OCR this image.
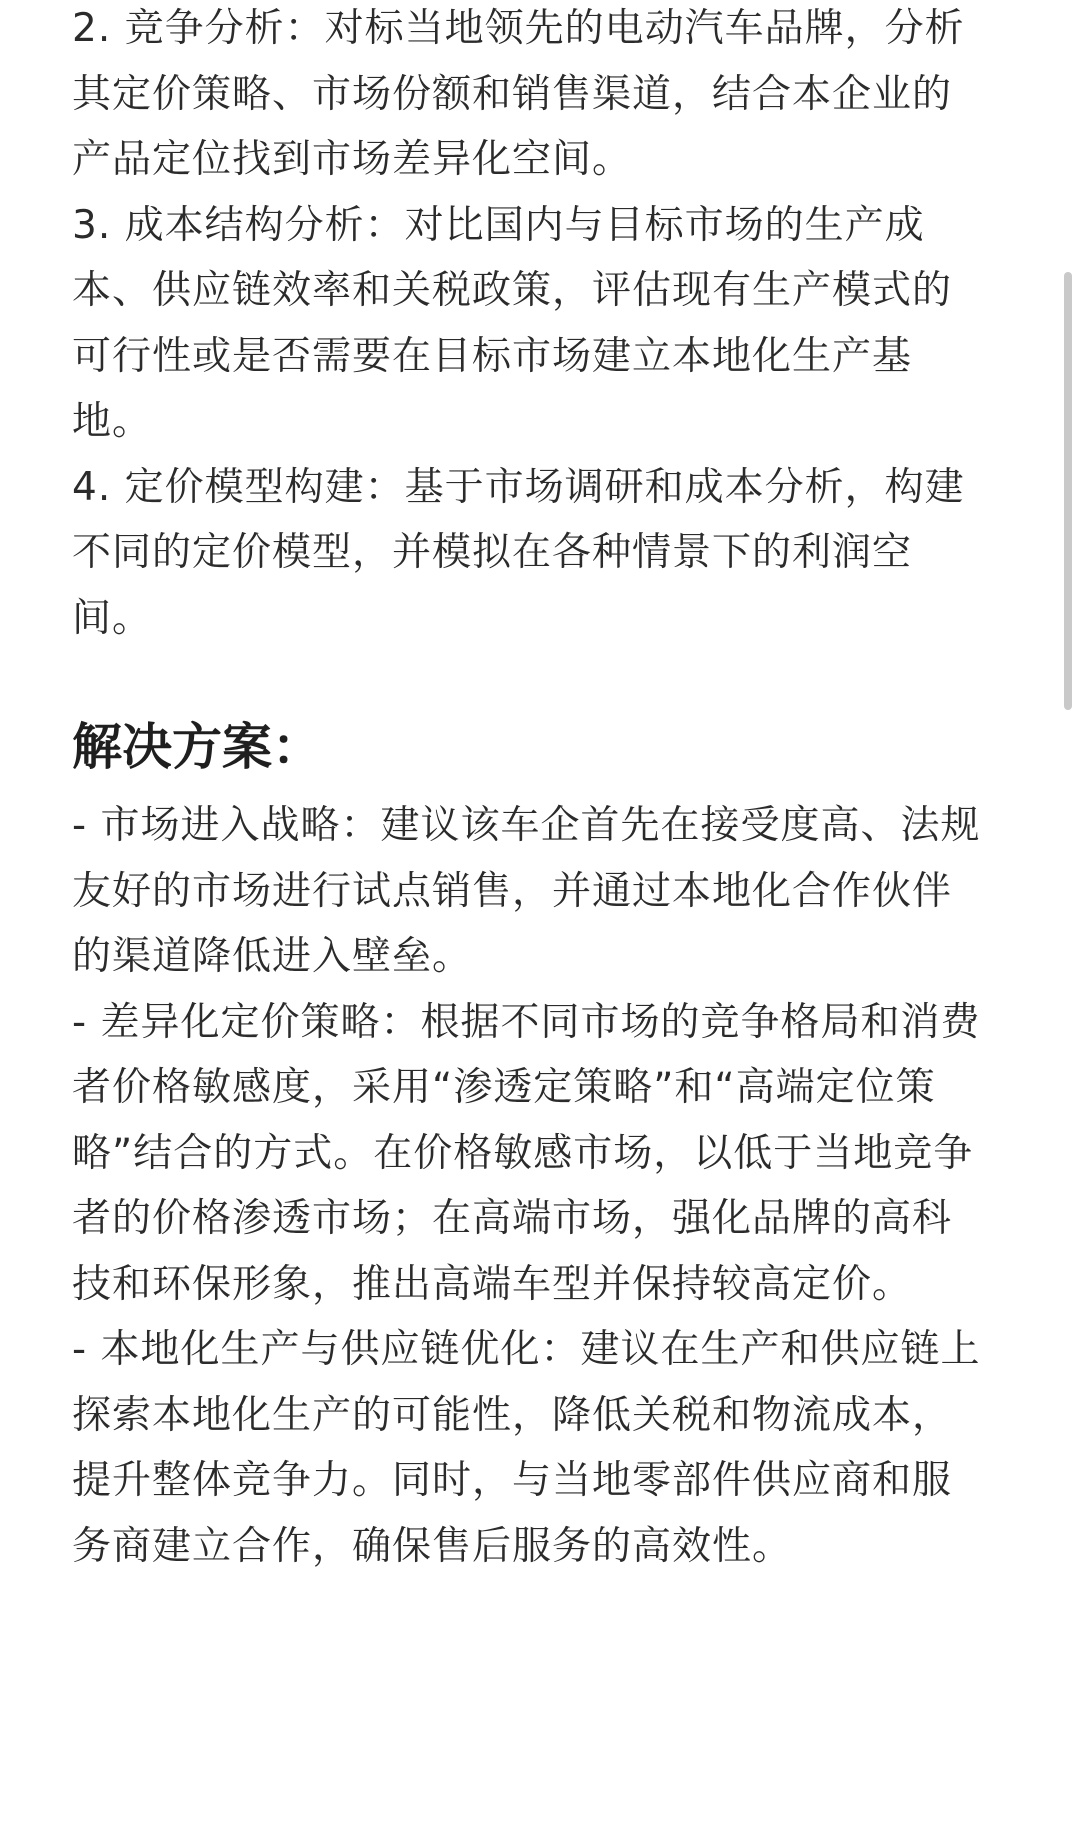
2. 竞争分析：对标当地领先的电动汽车品牌，分析其定价策略、市场份额和销售渠道，结合本企业的产品定位找到市场差异化空间。

3. 成本结构分析：对比国内与目标市场的生产成本、供应链效率和关税政策，评估现有生产模式的可行性或是否需要在目标市场建立本地化生产基地。

4. 定价模型构建：基于市场调研和成本分析，构建不同的定价模型，并模拟在各种情景下的利润空间。

解决方案：

- 市场进入战略：建议该车企首先在接受度高、法规友好的市场进行试点销售，并通过本地化合作伙伴的渠道降低进入壁垒。

- 差异化定价策略：根据不同市场的竞争格局和消费者价格敏感度，采用“渗透定策略”和“高端定位策略”结合的方式。在价格敏感市场，以低于当地竞争者的价格渗透市场；在高端市场，强化品牌的高科技和环保形象，推出高端车型并保持较高定价。

- 本地化生产与供应链优化：建议在生产和供应链上探索本地化生产的可能性，降低关税和物流成本，提升整体竞争力。同时，与当地零部件供应商和服务商建立合作，确保售后服务的高效性。
